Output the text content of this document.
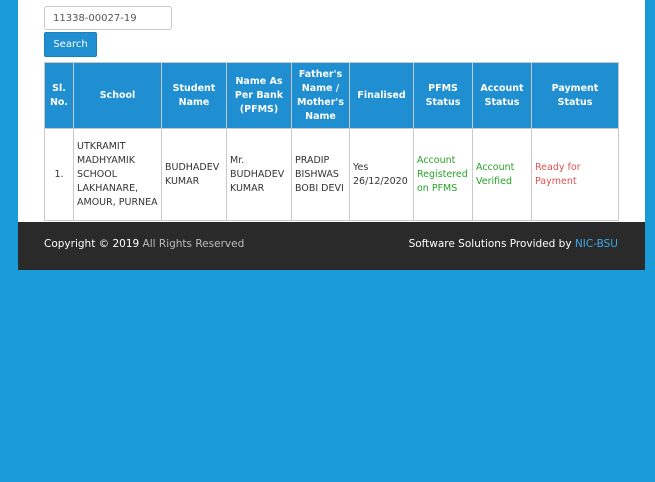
11338-00027-19
Search
Sl. No.	School	Student Name	Name As Per Bank (PFMS)	Father's Name / Mother's Name	Finalised	PFMS Status	Account Status	Payment Status
1.	UTKRAMIT MADHYAMIK SCHOOL LAKHANARE, AMOUR, PURNEA	BUDHADEV KUMAR	Mr. BUDHADEV KUMAR	PRADIP BISHWAS BOBI DEVI	Yes 26/12/2020	Account Registered on PFMS	Account Verified	Ready for Payment
Copyright © 2019 All Rights Reserved	Software Solutions Provided by NIC-BSU
